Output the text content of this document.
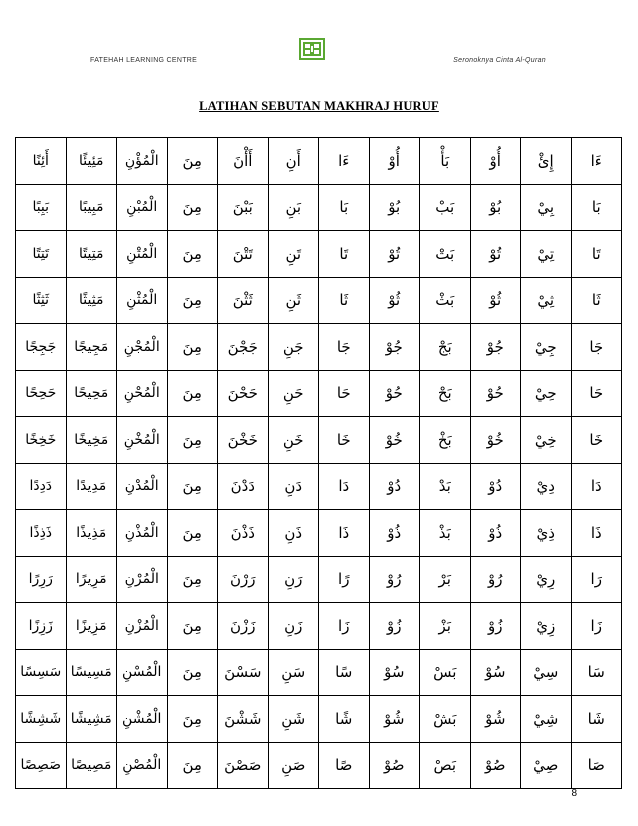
FATEHAH LEARNING CENTRE	Seronoknya Cinta Al-Quran
LATIHAN SEBUTAN MAKHRAJ HURUF
ءَا	إِئْ	أُوْ	بَأْ	أُوْ	ءَا	أَنِ	أَأْنَ	مِنَ	الْمُؤْنِ	مَئِيئًا	أَئِنًا
بَا	بِيْ	بُوْ	بَبْ	بُوْ	بَا	بَنِ	بَبْنَ	مِنَ	الْمُبْنِ	مَبِيبًا	بَبِبًا
تَا	تِيْ	تُوْ	بَتْ	تُوْ	تَا	تَنِ	تَتْنَ	مِنَ	الْمُتْنِ	مَتِيتًا	تَتِتًا
ثَا	ثِيْ	ثُوْ	بَثْ	ثُوْ	ثَا	ثَنِ	ثَثْنَ	مِنَ	الْمُثْنِ	مَثِيثًا	ثَثِثًا
جَا	جِيْ	جُوْ	بَجْ	جُوْ	جَا	جَنِ	جَجْنَ	مِنَ	الْمُجْنِ	مَجِيجًا	جَجِجًا
حَا	حِيْ	حُوْ	بَحْ	حُوْ	حَا	حَنِ	حَحْنَ	مِنَ	الْمُحْنِ	مَحِيحًا	حَحِحًا
خَا	خِيْ	خُوْ	بَخْ	خُوْ	خَا	خَنِ	خَخْنَ	مِنَ	الْمُخْنِ	مَخِيخًا	خَخِخًا
دَا	دِيْ	دُوْ	بَدْ	دُوْ	دَا	دَنِ	دَدْنَ	مِنَ	الْمُدْنِ	مَدِيدًا	دَدِدًا
ذَا	ذِيْ	ذُوْ	بَذْ	ذُوْ	ذَا	ذَنِ	ذَذْنَ	مِنَ	الْمُذْنِ	مَذِيذًا	ذَذِذًا
رَا	رِيْ	رُوْ	بَرْ	رُوْ	رًا	رَنِ	رَرْنَ	مِنَ	الْمُرْنِ	مَرِيرًا	رَرِرًا
زَا	زِيْ	زُوْ	بَزْ	زُوْ	زَا	زَنِ	زَزْنَ	مِنَ	الْمُزْنِ	مَزِيزًا	زَزِزًا
سَا	سِيْ	سُوْ	بَسْ	سُوْ	سًا	سَنِ	سَسْنَ	مِنَ	الْمُسْنِ	مَسِيسًا	سَسِسًا
شَا	شِيْ	شُوْ	بَشْ	شُوْ	شًا	شَنِ	شَشْنَ	مِنَ	الْمُشْنِ	مَشِيشًا	شَشِشًا
صَا	صِيْ	صُوْ	بَصْ	صُوْ	صًا	صَنِ	صَصْنَ	مِنَ	الْمُصْنِ	مَصِيصًا	صَصِصًا
8
